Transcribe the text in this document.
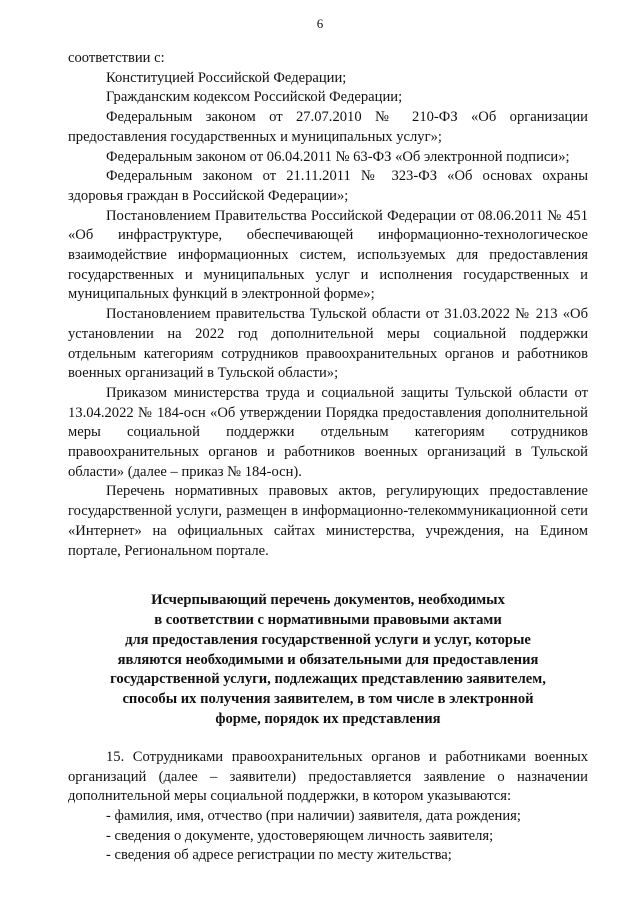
6

соответствии с:

Конституцией Российской Федерации;

Гражданским кодексом Российской Федерации;

Федеральным законом от 27.07.2010 № 210-ФЗ «Об организации предоставления государственных и муниципальных услуг»;

Федеральным законом от 06.04.2011 № 63-ФЗ «Об электронной подписи»;

Федеральным законом от 21.11.2011 № 323-ФЗ «Об основах охраны здоровья граждан в Российской Федерации»;

Постановлением Правительства Российской Федерации от 08.06.2011 № 451 «Об инфраструктуре, обеспечивающей информационно-технологическое взаимодействие информационных систем, используемых для предоставления государственных и муниципальных услуг и исполнения государственных и муниципальных функций в электронной форме»;

Постановлением правительства Тульской области от 31.03.2022 № 213 «Об установлении на 2022 год дополнительной меры социальной поддержки отдельным категориям сотрудников правоохранительных органов и работников военных организаций в Тульской области»;

Приказом министерства труда и социальной защиты Тульской области от 13.04.2022 № 184-осн «Об утверждении Порядка предоставления дополнительной меры социальной поддержки отдельным категориям сотрудников правоохранительных органов и работников военных организаций в Тульской области» (далее – приказ № 184-осн).

Перечень нормативных правовых актов, регулирующих предоставление государственной услуги, размещен в информационно-телекоммуникационной сети «Интернет» на официальных сайтах министерства, учреждения, на Едином портале, Региональном портале.

Исчерпывающий перечень документов, необходимых
в соответствии с нормативными правовыми актами
для предоставления государственной услуги и услуг, которые
являются необходимыми и обязательными для предоставления
государственной услуги, подлежащих представлению заявителем,
способы их получения заявителем, в том числе в электронной
форме, порядок их представления

15. Сотрудниками правоохранительных органов и работниками военных организаций (далее – заявители) предоставляется заявление о назначении дополнительной меры социальной поддержки, в котором указываются:

- фамилия, имя, отчество (при наличии) заявителя, дата рождения;

- сведения о документе, удостоверяющем личность заявителя;

- сведения об адресе регистрации по месту жительства;
